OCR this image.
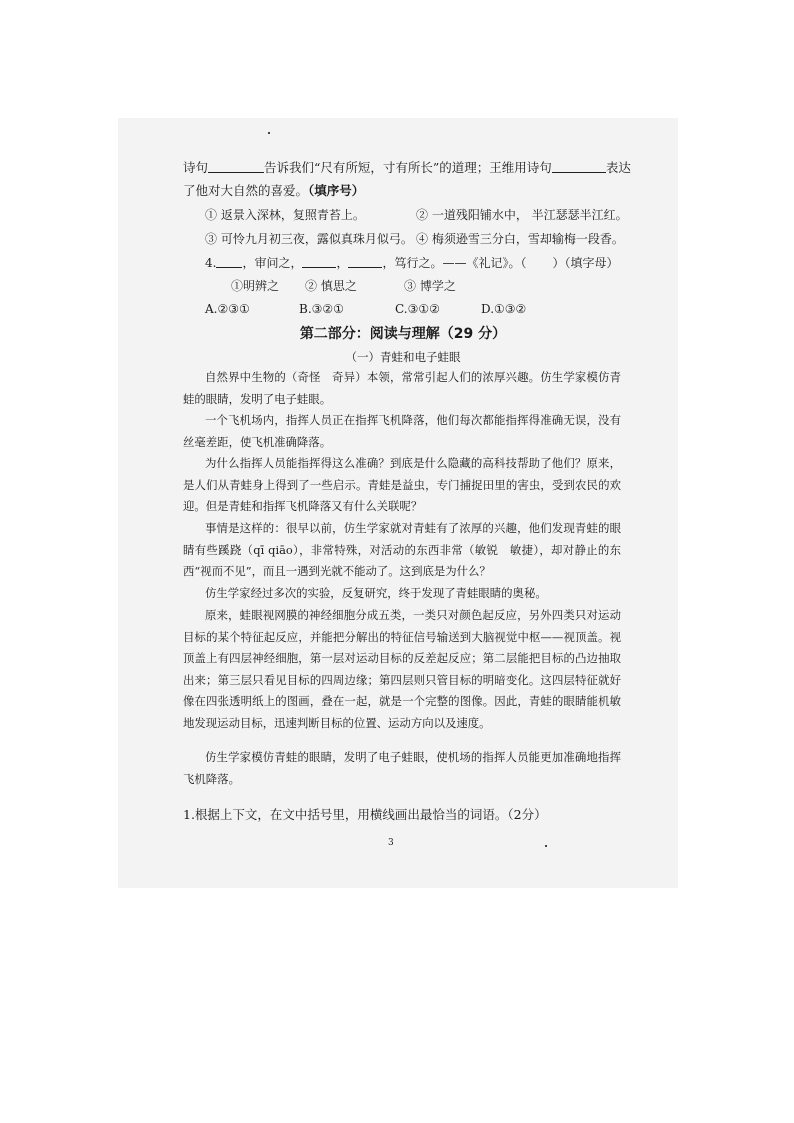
诗句	告诉我们“尺有所短，寸有所长”的道理；王维用诗句	表达
了他对大自然的喜爱。（填序号）
① 返景入深林，复照青苔上。	② 一道残阳铺水中， 半江瑟瑟半江红。
③ 可怜九月初三夜，露似真珠月似弓。 ④ 梅须逊雪三分白，雪却输梅一段香。
4. ，审问之，	，	，笃行之。——《礼记》。（ ）（填字母）
①明辨之 ② 慎思之	③ 博学之
A.②③①	B.③②①	C.③①②	D.①③②
第二部分：阅读与理解（29 分）
（一）青蛙和电子蛙眼
自然界中生物的（奇怪　奇异）本领，常常引起人们的浓厚兴趣。仿生学家模仿青蛙的眼睛，发明了电子蛙眼。
一个飞机场内，指挥人员正在指挥飞机降落，他们每次都能指挥得准确无误，没有丝毫差距，使飞机准确降落。
为什么指挥人员能指挥得这么准确？到底是什么隐藏的高科技帮助了他们？原来，是人们从青蛙身上得到了一些启示。青蛙是益虫，专门捕捉田里的害虫，受到农民的欢迎。但是青蛙和指挥飞机降落又有什么关联呢？
事情是这样的：很早以前，仿生学家就对青蛙有了浓厚的兴趣，他们发现青蛙的眼睛有些蹊跷（qī qiāo），非常特殊，对活动的东西非常（敏锐　敏捷），却对静止的东西“视而不见”，而且一遇到光就不能动了。这到底是为什么？
仿生学家经过多次的实验，反复研究，终于发现了青蛙眼睛的奥秘。
原来，蛙眼视网膜的神经细胞分成五类，一类只对颜色起反应，另外四类只对运动目标的某个特征起反应，并能把分解出的特征信号输送到大脑视觉中枢——视顶盖。视顶盖上有四层神经细胞，第一层对运动目标的反差起反应；第二层能把目标的凸边抽取出来；第三层只看见目标的四周边缘；第四层则只管目标的明暗变化。这四层特征就好像在四张透明纸上的图画，叠在一起，就是一个完整的图像。因此，青蛙的眼睛能机敏地发现运动目标，迅速判断目标的位置、运动方向以及速度。
仿生学家模仿青蛙的眼睛，发明了电子蛙眼，使机场的指挥人员能更加准确地指挥飞机降落。
1.根据上下文，在文中括号里，用横线画出最恰当的词语。（2分）
3
